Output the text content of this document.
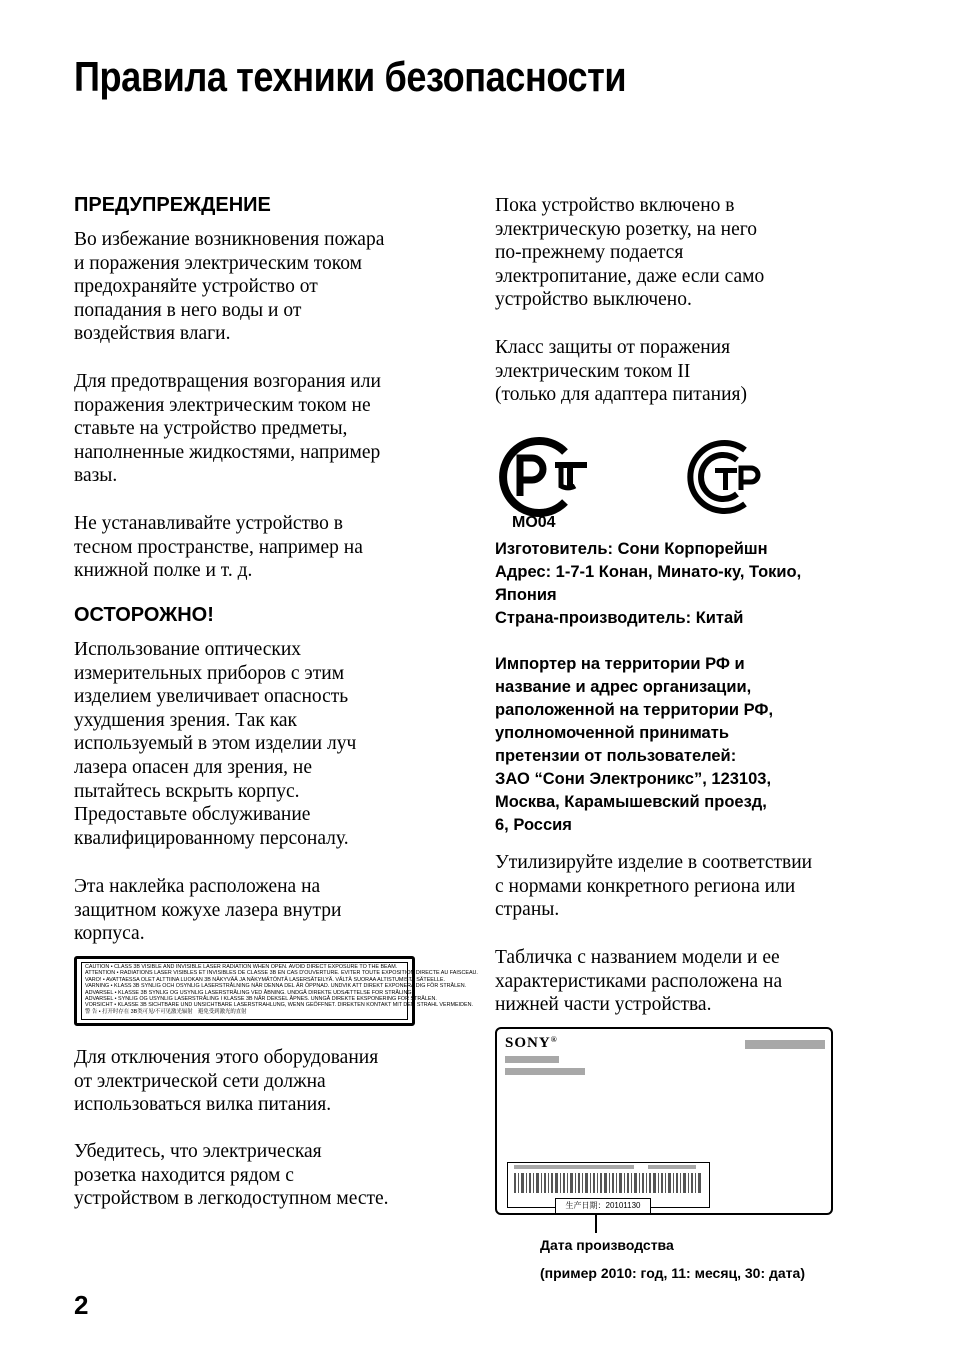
Правила техники безопасности
ПРЕДУПРЕЖДЕНИЕ

Во избежание возникновения пожара
и поражения электрическим током
предохраняйте устройство от
попадания в него воды и от
воздействия влаги.

Для предотвращения возгорания или
поражения электрическим током не
ставьте на устройство предметы,
наполненные жидкостями, например
вазы.

Не устанавливайте устройство в
тесном пространстве, например на
книжной полке и т. д.

ОСТОРОЖНО!

Использование оптических
измерительных приборов с этим
изделием увеличивает опасность
ухудшения зрения. Так как
используемый в этом изделии луч
лазера опасен для зрения, не
пытайтесь вскрыть корпус.
Предоставьте обслуживание
квалифицированному персоналу.

Эта наклейка расположена на
защитном кожухе лазера внутри
корпуса.

CAUTION • CLASS 3B VISIBLE AND INVISIBLE LASER RADIATION WHEN OPEN. AVOID DIRECT EXPOSURE TO THE BEAM.
ATTENTION • RADIATIONS LASER VISIBLES ET INVISIBLES DE CLASSE 3B EN CAS D'OUVERTURE. EVITER TOUTE EXPOSITION DIRECTE AU FAISCEAU.
VARO! • AVATTAESSA OLET ALTTIINA LUOKAN 3B NÄKYVÄÄ JA NÄKYMÄTÖNTÄ LASERSÄTEILYÄ. VÄLTÄ SUORAA ALTISTUMISTA SÄTEELLE.
VARNING • KLASS 3B SYNLIG OCH OSYNLIG LASERSTRÅLNING NÄR DENNA DEL ÄR ÖPPNAD. UNDVIK ATT DIREKT EXPONERA DIG FÖR STRÅLEN.
ADVARSEL • KLASSE 3B SYNLIG OG USYNLIG LASERSTRÅLING VED ÅBNING. UNDGÅ DIREKTE UDSÆTTELSE FOR STRÅLING.
ADVARSEL • SYNLIG OG USYNLIG LASERSTRÅLING I KLASSE 3B NÅR DEKSEL ÅPNES. UNNGÅ DIREKTE EKSPONERING FOR STRÅLEN.
VORSICHT • KLASSE 3B SICHTBARE UND UNSICHTBARE LASERSTRAHLUNG, WENN GEÖFFNET. DIREKTEN KONTAKT MIT DEM STRAHL VERMEIDEN.
警 告 • 打开时存在 3B类可见/不可见激光辐射　避免受到激光的直射

Для отключения этого оборудования
от электрической сети должна
использоваться вилка питания.

Убедитесь, что электрическая
розетка находится рядом с
устройством в легкодоступном месте.

Пока устройство включено в
электрическую розетку, на него
по-прежнему подается
электропитание, даже если само
устройство выключено.

Класс защиты от поражения
электрическим током II
(только для адаптера питания)

МО04

Изготовитель: Сони Корпорейшн
Адрес: 1-7-1 Конан, Минато-ку, Токио,
Япония
Страна-производитель: Китай

Импортер на территории РФ и
название и адрес организации,
раположенной на территории РФ,
уполномоченной принимать
претензии от пользователей:
ЗАО “Сони Электроникс”, 123103,
Москва, Карамышевский проезд,
6, Россия

Утилизируйте изделие в соответствии
с нормами конкретного региона или
страны.

Табличка с названием модели и ее
характеристиками расположена на
нижней части устройства.

SONY®
生产日期：20101130
Дата производства
(пример 2010: год, 11: месяц, 30: дата)
2
